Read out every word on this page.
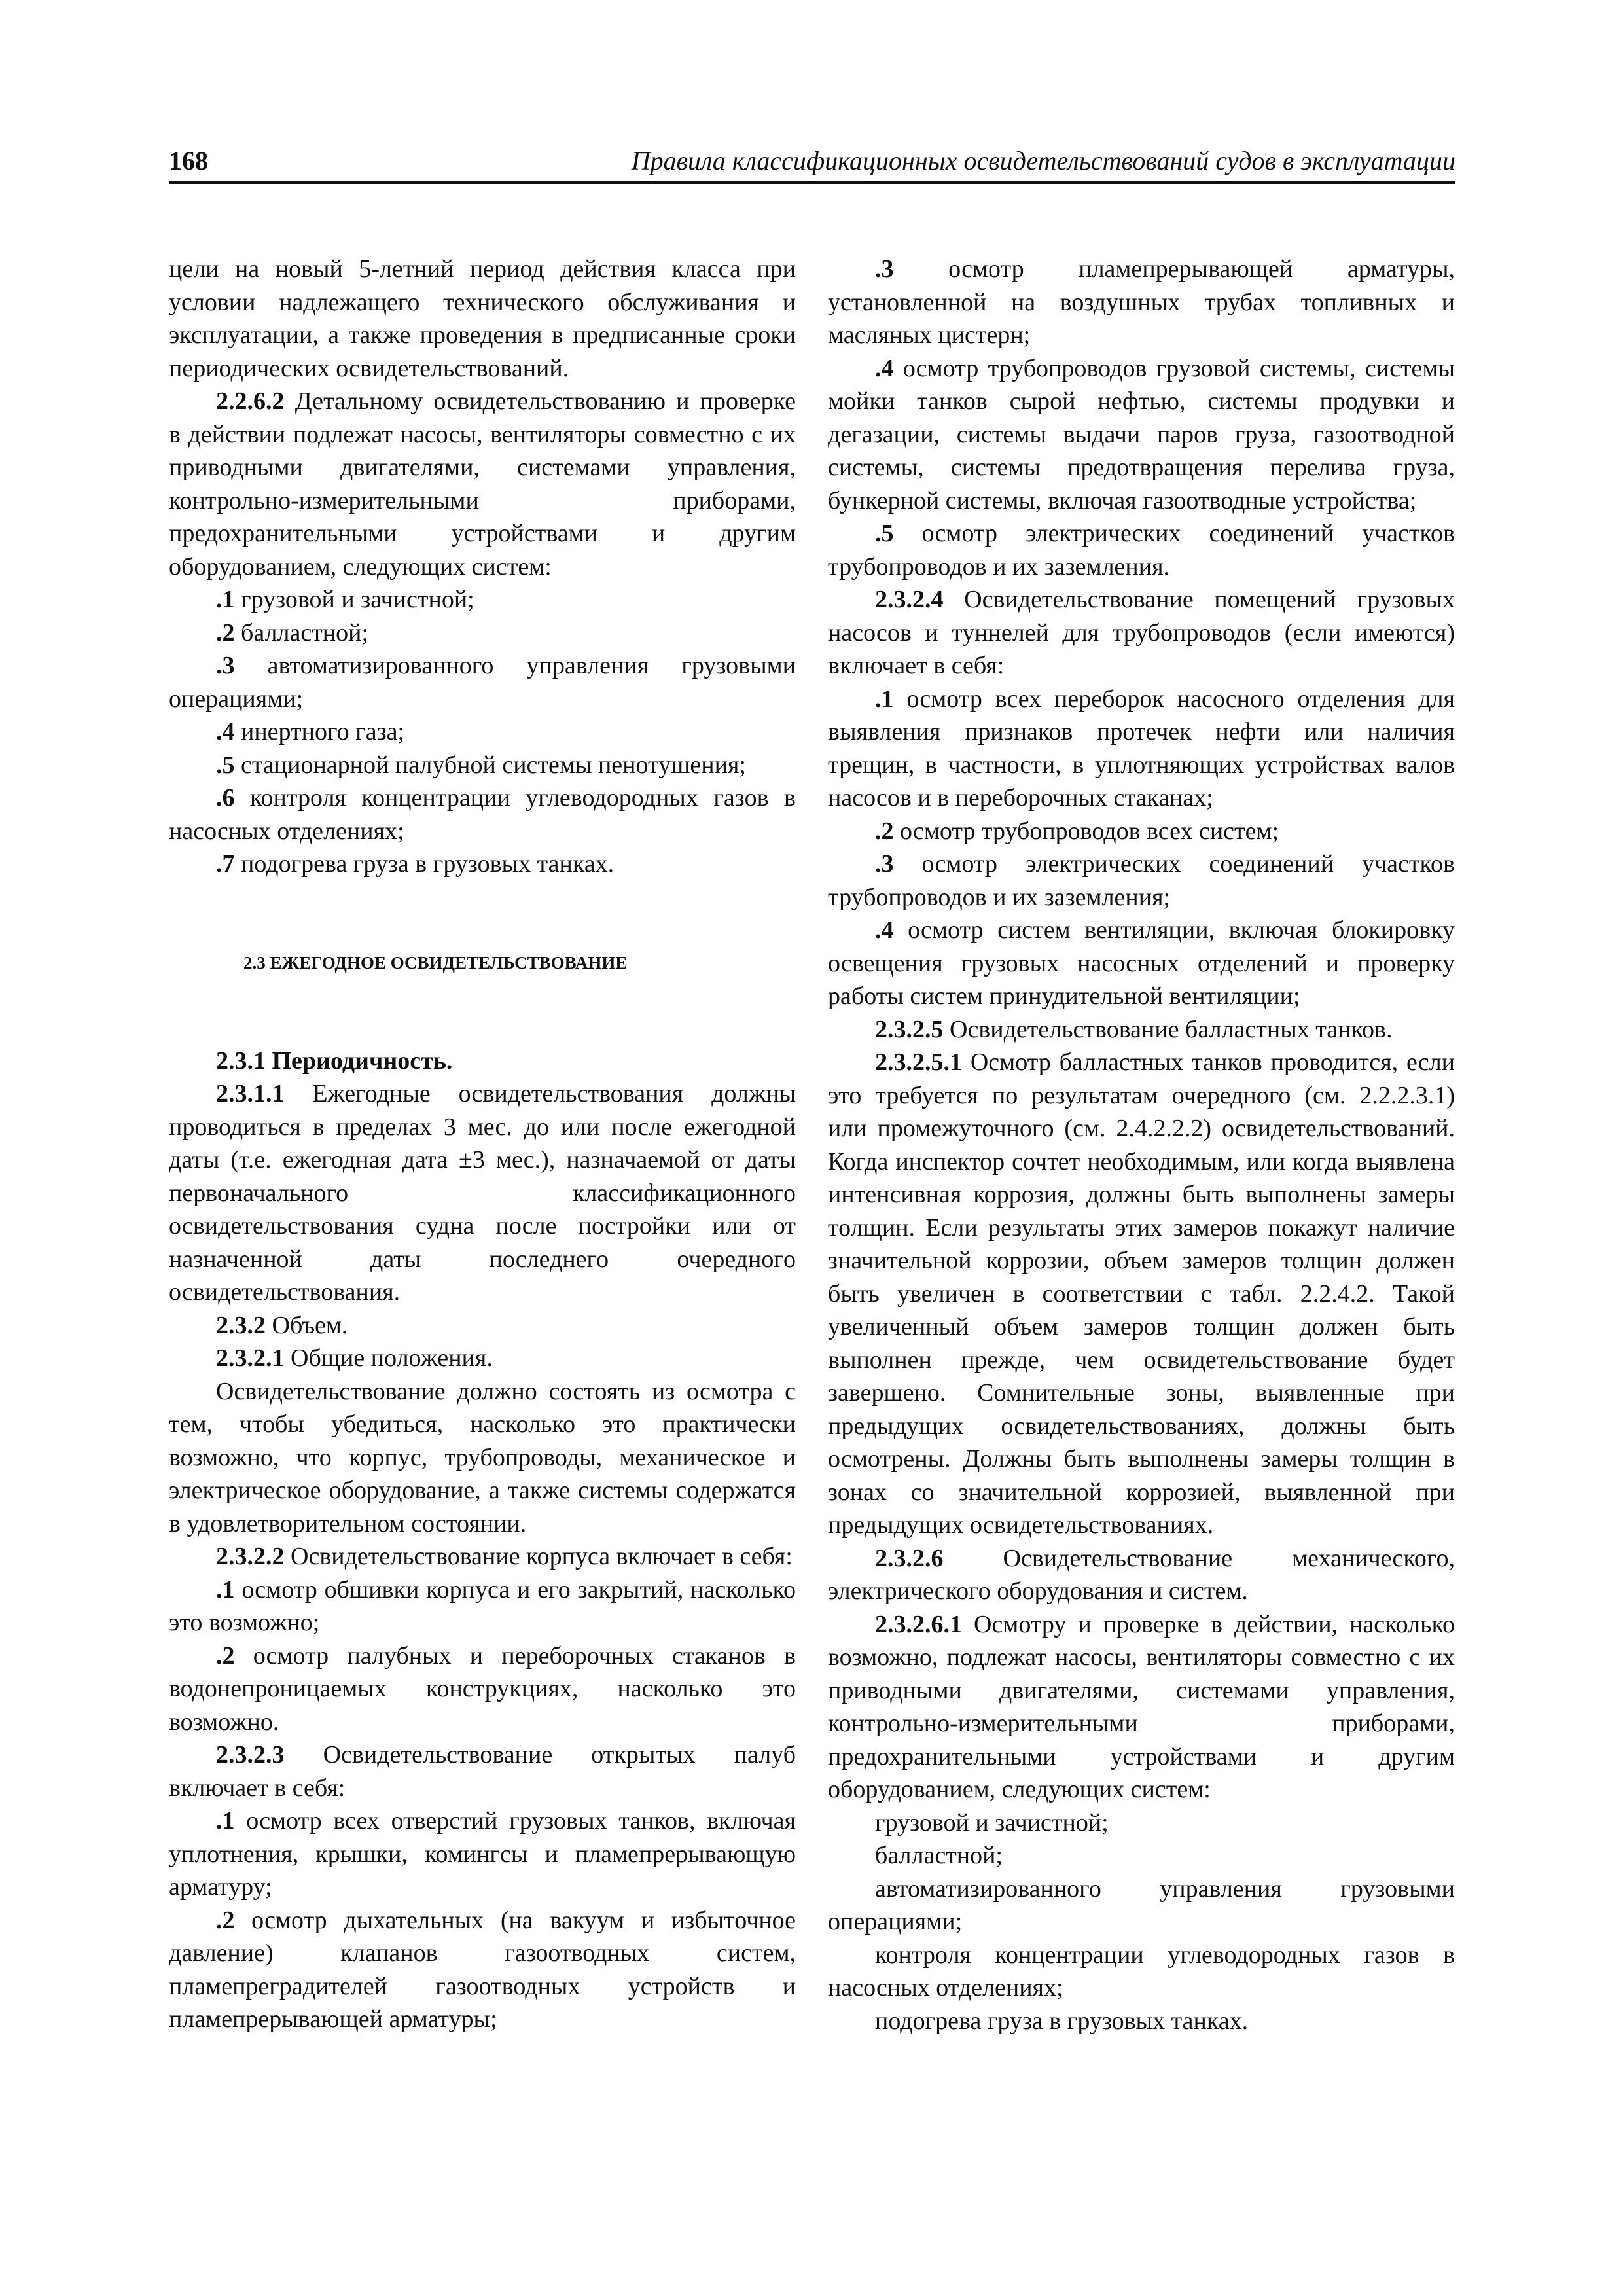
168	Правила классификационных освидетельствований судов в эксплуатации

цели на новый 5-летний период действия класса при условии надлежащего технического обслуживания и эксплуатации, а также проведения в предписанные сроки периодических освидетельствований.

2.2.6.2 Детальному освидетельствованию и проверке в действии подлежат насосы, вентиляторы совместно с их приводными двигателями, системами управления, контрольно-измерительными приборами, предохранительными устройствами и другим оборудованием, следующих систем:

.1 грузовой и зачистной;

.2 балластной;

.3 автоматизированного управления грузовыми операциями;

.4 инертного газа;

.5 стационарной палубной системы пенотушения;

.6 контроля концентрации углеводородных газов в насосных отделениях;

.7 подогрева груза в грузовых танках.

2.3 ЕЖЕГОДНОЕ ОСВИДЕТЕЛЬСТВОВАНИЕ

2.3.1 Периодичность.

2.3.1.1 Ежегодные освидетельствования должны проводиться в пределах 3 мес. до или после ежегодной даты (т.е. ежегодная дата ±3 мес.), назначаемой от даты первоначального классификационного освидетельствования судна после постройки или от назначенной даты последнего очередного освидетельствования.

2.3.2 Объем.

2.3.2.1 Общие положения.

Освидетельствование должно состоять из осмотра с тем, чтобы убедиться, насколько это практически возможно, что корпус, трубопроводы, механическое и электрическое оборудование, а также системы содержатся в удовлетворительном состоянии.

2.3.2.2 Освидетельствование корпуса включает в себя:

.1 осмотр обшивки корпуса и его закрытий, насколько это возможно;

.2 осмотр палубных и переборочных стаканов в водонепроницаемых конструкциях, насколько это возможно.

2.3.2.3 Освидетельствование открытых палуб включает в себя:

.1 осмотр всех отверстий грузовых танков, включая уплотнения, крышки, комингсы и пламепрерывающую арматуру;

.2 осмотр дыхательных (на вакуум и избыточное давление) клапанов газоотводных систем, пламепреградителей газоотводных устройств и пламепрерывающей арматуры;

.3 осмотр пламепрерывающей арматуры, установленной на воздушных трубах топливных и масляных цистерн;

.4 осмотр трубопроводов грузовой системы, системы мойки танков сырой нефтью, системы продувки и дегазации, системы выдачи паров груза, газоотводной системы, системы предотвращения перелива груза, бункерной системы, включая газоотводные устройства;

.5 осмотр электрических соединений участков трубопроводов и их заземления.

2.3.2.4 Освидетельствование помещений грузовых насосов и туннелей для трубопроводов (если имеются) включает в себя:

.1 осмотр всех переборок насосного отделения для выявления признаков протечек нефти или наличия трещин, в частности, в уплотняющих устройствах валов насосов и в переборочных стаканах;

.2 осмотр трубопроводов всех систем;

.3 осмотр электрических соединений участков трубопроводов и их заземления;

.4 осмотр систем вентиляции, включая блокировку освещения грузовых насосных отделений и проверку работы систем принудительной вентиляции;

2.3.2.5 Освидетельствование балластных танков.

2.3.2.5.1 Осмотр балластных танков проводится, если это требуется по результатам очередного (см. 2.2.2.3.1) или промежуточного (см. 2.4.2.2.2) освидетельствований. Когда инспектор сочтет необходимым, или когда выявлена интенсивная коррозия, должны быть выполнены замеры толщин. Если результаты этих замеров покажут наличие значительной коррозии, объем замеров толщин должен быть увеличен в соответствии с табл. 2.2.4.2. Такой увеличенный объем замеров толщин должен быть выполнен прежде, чем освидетельствование будет завершено. Сомнительные зоны, выявленные при предыдущих освидетельствованиях, должны быть осмотрены. Должны быть выполнены замеры толщин в зонах со значительной коррозией, выявленной при предыдущих освидетельствованиях.

2.3.2.6 Освидетельствование механического, электрического оборудования и систем.

2.3.2.6.1 Осмотру и проверке в действии, насколько возможно, подлежат насосы, вентиляторы совместно с их приводными двигателями, системами управления, контрольно-измерительными приборами, предохранительными устройствами и другим оборудованием, следующих систем:

грузовой и зачистной;

балластной;

автоматизированного управления грузовыми операциями;

контроля концентрации углеводородных газов в насосных отделениях;

подогрева груза в грузовых танках.
